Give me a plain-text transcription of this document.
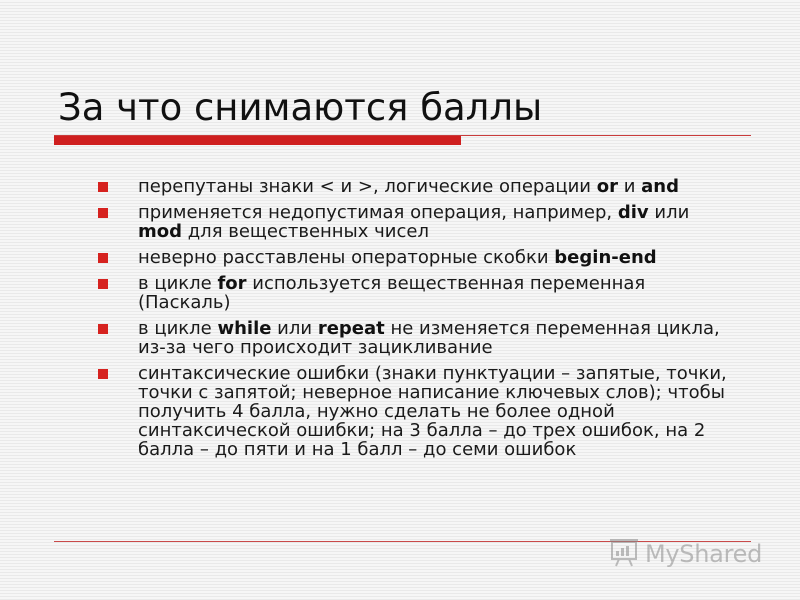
За что снимаются баллы
перепутаны знаки < и >, логические операции or и and
применяется недопустимая операция, например, div или mod для вещественных чисел
неверно расставлены операторные скобки begin-end
в цикле for используется вещественная переменная (Паскаль)
в цикле while или repeat не изменяется переменная цикла, из-за чего происходит зацикливание
синтаксические ошибки (знаки пунктуации – запятые, точки, точки с запятой; неверное написание ключевых слов); чтобы получить 4 балла, нужно сделать не более одной синтаксической ошибки; на 3 балла – до трех ошибок, на 2 балла – до пяти и на 1 балл – до семи ошибок
MyShared
